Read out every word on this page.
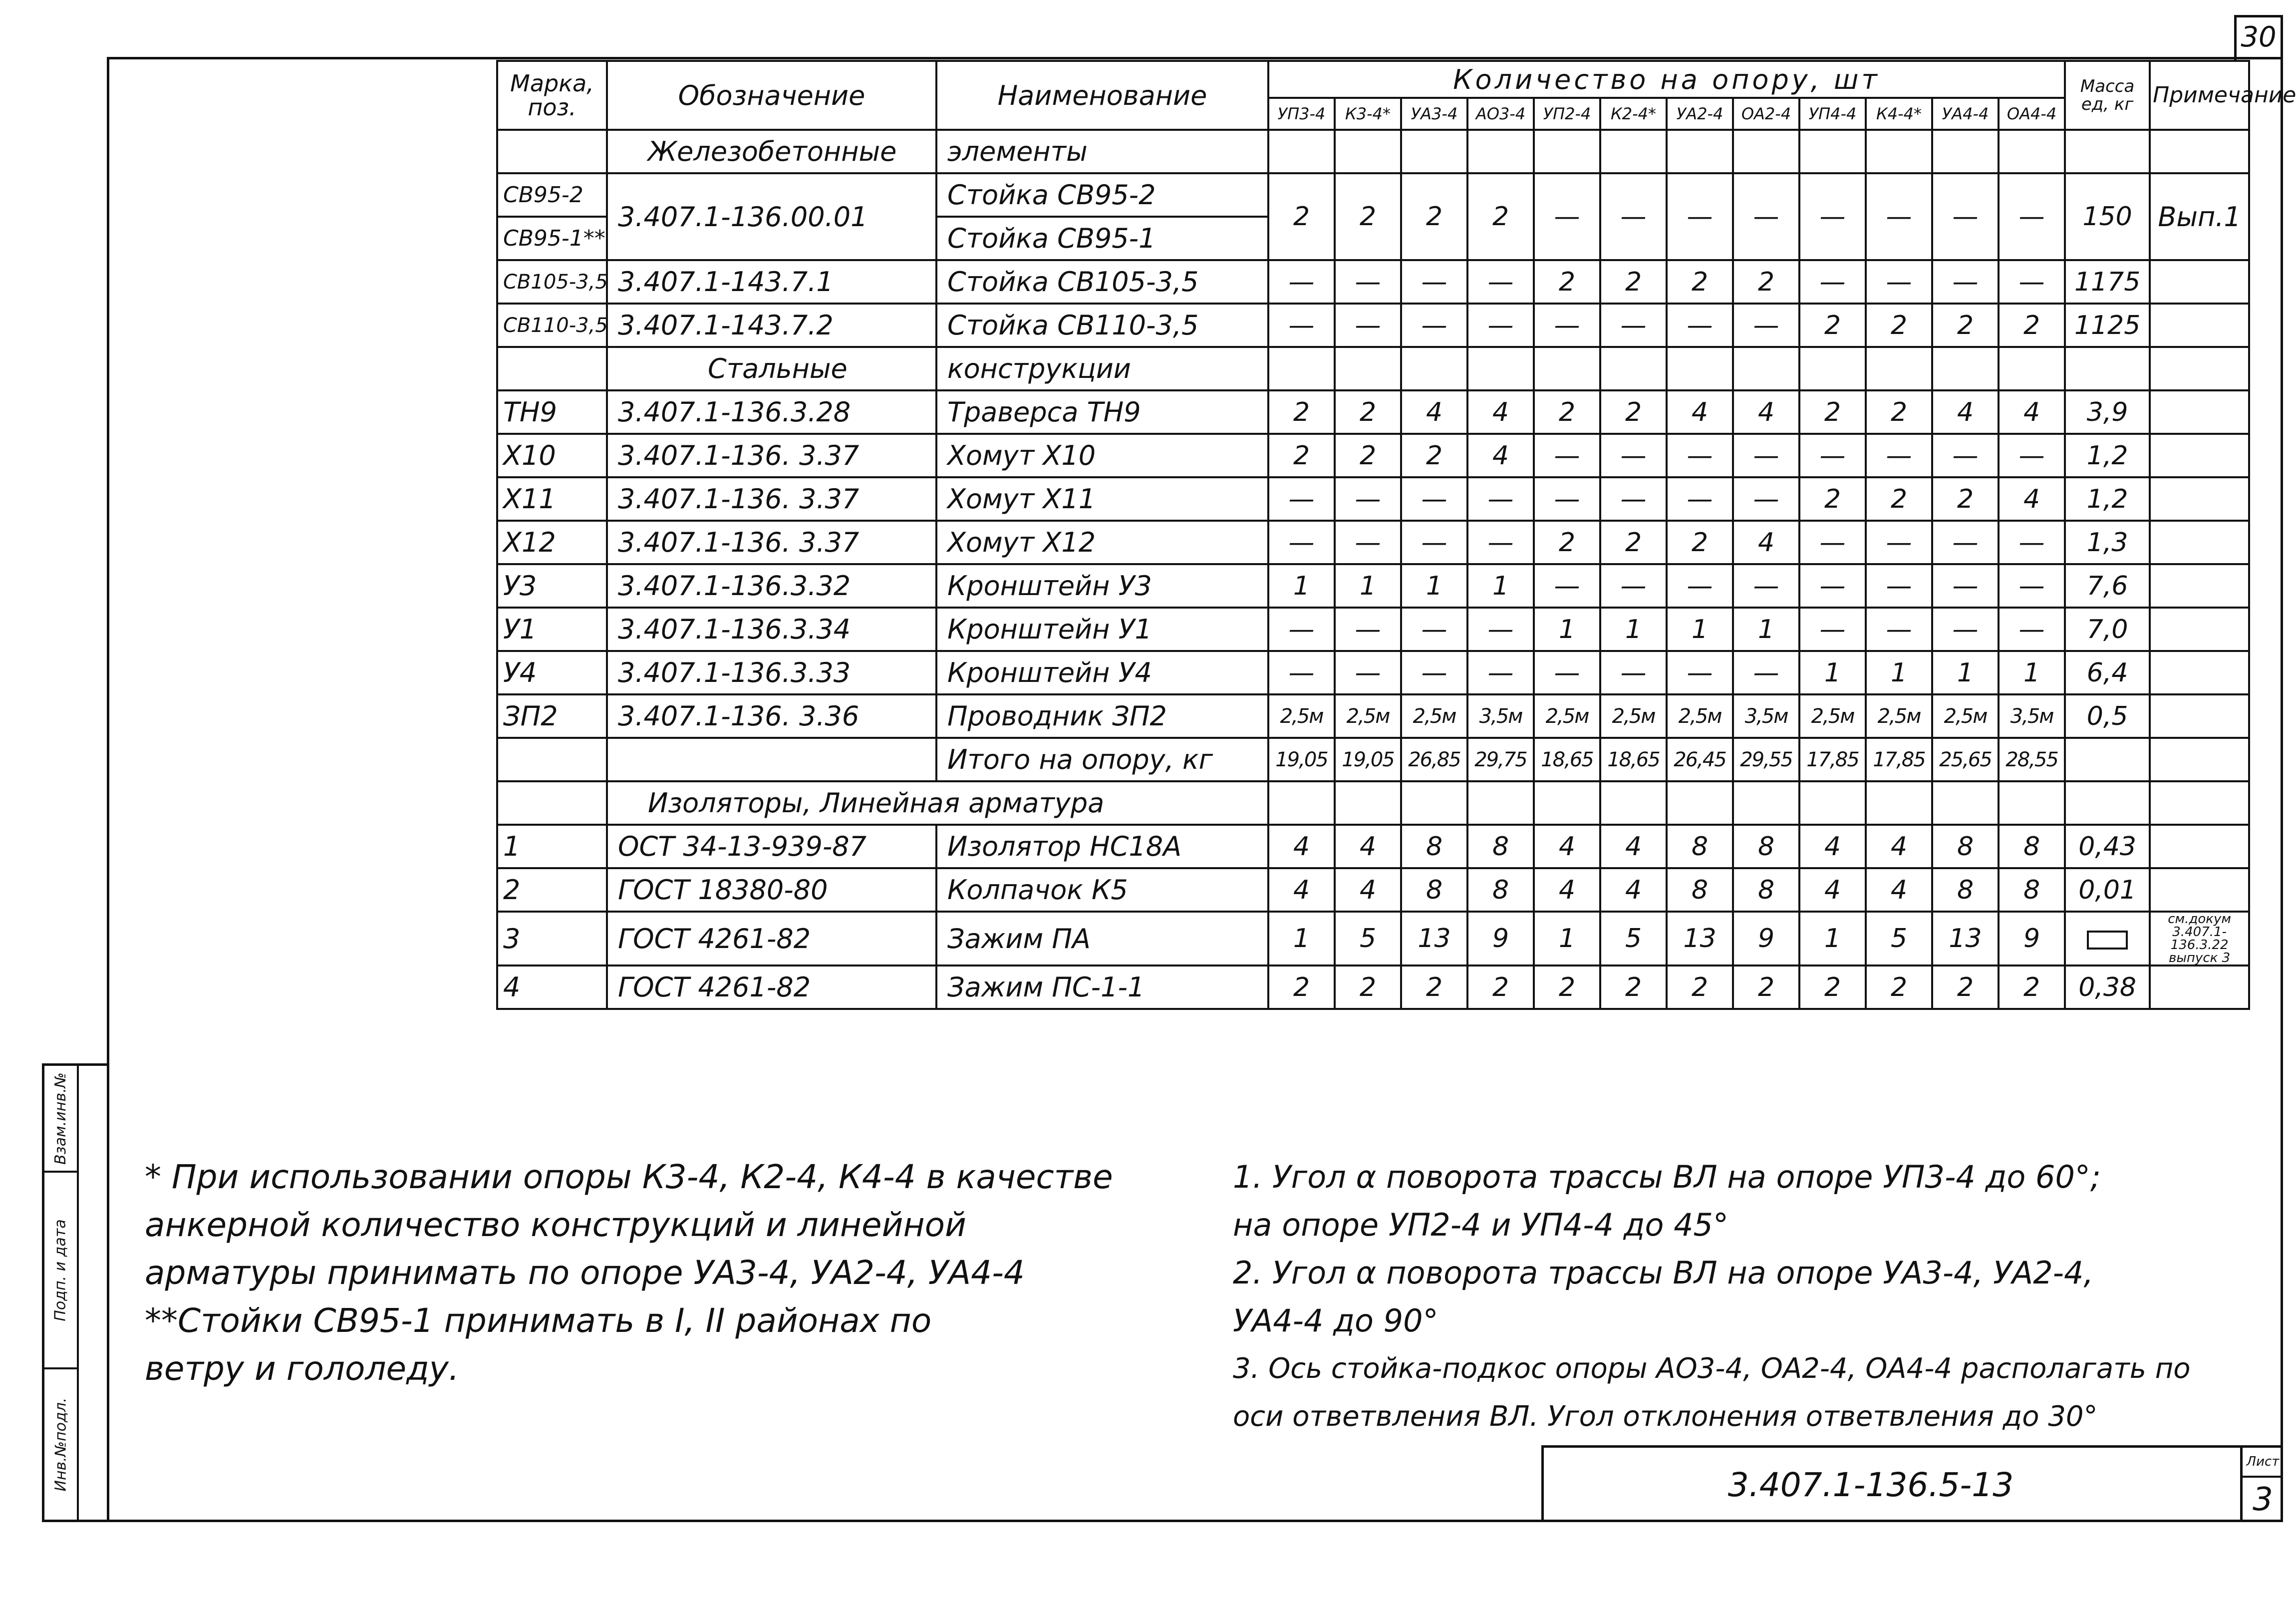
30
Взам.инв.№
Подп. и дата
Инв.№подл.
Марка, поз.	Обозначение	Наименование	Количество на опору, шт												Масса ед, кг	Примечание
			УП3-4	К3-4*	УА3-4	АО3-4	УП2-4	К2-4*	УА2-4	ОА2-4	УП4-4	К4-4*	УА4-4	ОА4-4		
	Железобетонные	элементы														
СВ95-2	3.407.1-136.00.01	Стойка СВ95-2	2	2	2	2	—	—	—	—	—	—	—	—	150	Вып.1
СВ95-1**		Стойка СВ95-1														
СВ105-3,5	3.407.1-143.7.1	Стойка СВ105-3,5	—	—	—	—	2	2	2	2	—	—	—	—	1175	
СВ110-3,5	3.407.1-143.7.2	Стойка СВ110-3,5	—	—	—	—	—	—	—	—	2	2	2	2	1125	
	Стальные	конструкции														
ТН9	3.407.1-136.3.28	Траверса ТН9	2	2	4	4	2	2	4	4	2	2	4	4	3,9	
Х10	3.407.1-136. 3.37	Хомут Х10	2	2	2	4	—	—	—	—	—	—	—	—	1,2	
Х11	3.407.1-136. 3.37	Хомут Х11	—	—	—	—	—	—	—	—	2	2	2	4	1,2	
Х12	3.407.1-136. 3.37	Хомут Х12	—	—	—	—	2	2	2	4	—	—	—	—	1,3	
У3	3.407.1-136.3.32	Кронштейн У3	1	1	1	1	—	—	—	—	—	—	—	—	7,6	
У1	3.407.1-136.3.34	Кронштейн У1	—	—	—	—	1	1	1	1	—	—	—	—	7,0	
У4	3.407.1-136.3.33	Кронштейн У4	—	—	—	—	—	—	—	—	1	1	1	1	6,4	
ЗП2	3.407.1-136. 3.36	Проводник ЗП2	2,5м	2,5м	2,5м	3,5м	2,5м	2,5м	2,5м	3,5м	2,5м	2,5м	2,5м	3,5м	0,5	
		Итого на опору, кг	19,05	19,05	26,85	29,75	18,65	18,65	26,45	29,55	17,85	17,85	25,65	28,55		
	Изоляторы, Линейная арматура															
1	ОСТ 34-13-939-87	Изолятор НС18А	4	4	8	8	4	4	8	8	4	4	8	8	0,43	
2	ГОСТ 18380-80	Колпачок К5	4	4	8	8	4	4	8	8	4	4	8	8	0,01	
3	ГОСТ 4261-82	Зажим ПА	1	5	13	9	1	5	13	9	1	5	13	9		см.докум 3.407.1-136.3.22 выпуск 3
4	ГОСТ 4261-82	Зажим ПС-1-1	2	2	2	2	2	2	2	2	2	2	2	2	0,38	

* При использовании опоры К3-4, К2-4, К4-4 в качестве

анкерной количество конструкций и линейной

арматуры принимать по опоре УА3-4, УА2-4, УА4-4

**Стойки СВ95-1 принимать в I, II районах по

ветру и гололеду.

1. Угол α поворота трассы ВЛ на опоре УП3-4 до 60°;

на опоре УП2-4 и УП4-4 до 45°

2. Угол α поворота трассы ВЛ на опоре УА3-4, УА2-4,

УА4-4 до 90°

3. Ось стойка-подкос опоры АО3-4, ОА2-4, ОА4-4 располагать по

оси ответвления ВЛ. Угол отклонения ответвления до 30°

3.407.1-136.5-13
Лист
3
